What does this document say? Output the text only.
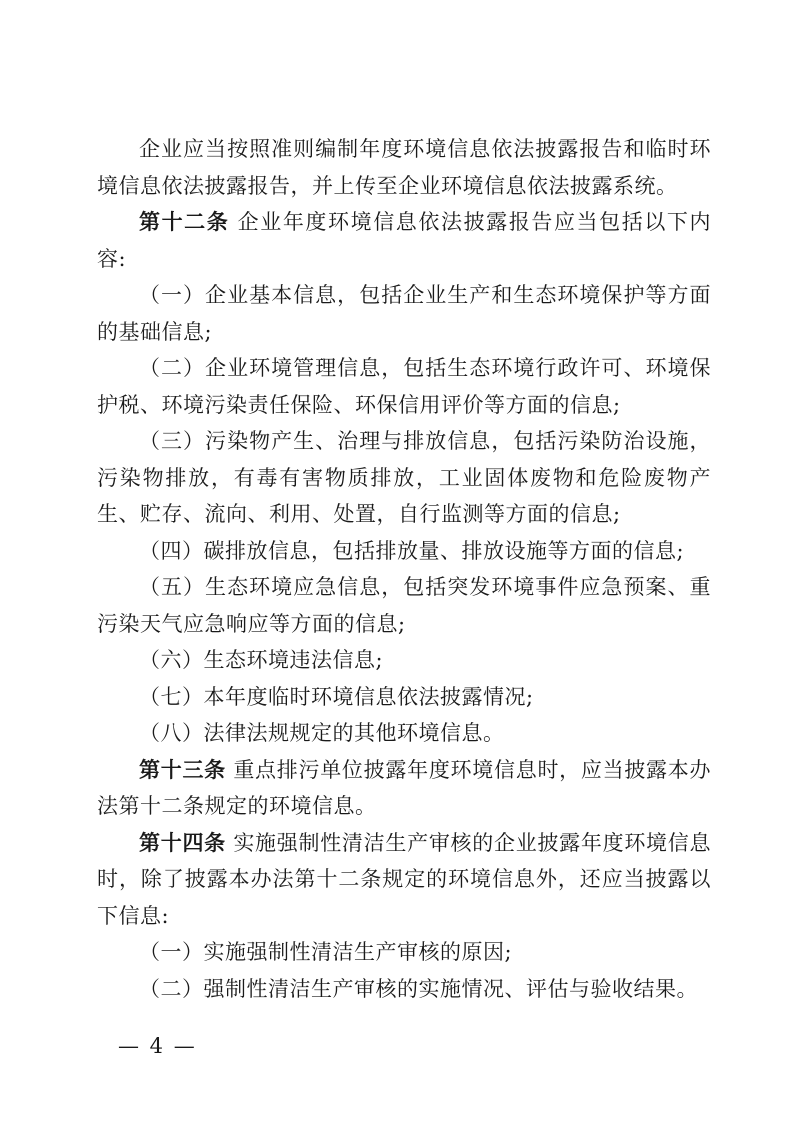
企业应当按照准则编制年度环境信息依法披露报告和临时环境信息依法披露报告，并上传至企业环境信息依法披露系统。

第十二条 企业年度环境信息依法披露报告应当包括以下内容:

（一）企业基本信息，包括企业生产和生态环境保护等方面的基础信息;

（二）企业环境管理信息，包括生态环境行政许可、环境保护税、环境污染责任保险、环保信用评价等方面的信息;

（三）污染物产生、治理与排放信息，包括污染防治设施，污染物排放，有毒有害物质排放，工业固体废物和危险废物产生、贮存、流向、利用、处置，自行监测等方面的信息;

（四）碳排放信息，包括排放量、排放设施等方面的信息;

（五）生态环境应急信息，包括突发环境事件应急预案、重污染天气应急响应等方面的信息;

（六）生态环境违法信息;

（七）本年度临时环境信息依法披露情况;

（八）法律法规规定的其他环境信息。

第十三条 重点排污单位披露年度环境信息时，应当披露本办法第十二条规定的环境信息。

第十四条 实施强制性清洁生产审核的企业披露年度环境信息时，除了披露本办法第十二条规定的环境信息外，还应当披露以下信息:

（一）实施强制性清洁生产审核的原因;

（二）强制性清洁生产审核的实施情况、评估与验收结果。

— 4 —
